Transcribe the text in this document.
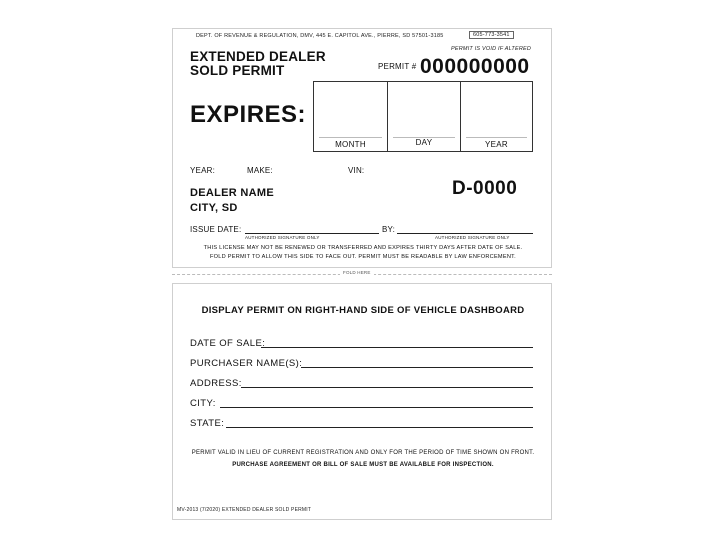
DEPT. OF REVENUE & REGULATION, DMV, 445 E. CAPITOL AVE., PIERRE, SD 57501-3185	605-773-3541
PERMIT IS VOID IF ALTERED
EXTENDED DEALER
SOLD PERMIT	PERMIT # 000000000
EXPIRES:
MONTH	DAY	YEAR
YEAR:	MAKE:	VIN:
DEALER NAME
CITY, SD
D-0000
ISSUE DATE:	BY:
AUTHORIZED SIGNATURE ONLY	AUTHORIZED SIGNATURE ONLY
THIS LICENSE MAY NOT BE RENEWED OR TRANSFERRED AND EXPIRES THIRTY DAYS AFTER DATE OF SALE.
FOLD PERMIT TO ALLOW THIS SIDE TO FACE OUT. PERMIT MUST BE READABLE BY LAW ENFORCEMENT.
FOLD HERE
DISPLAY PERMIT ON RIGHT-HAND SIDE OF VEHICLE DASHBOARD
DATE OF SALE:
PURCHASER NAME(S):
ADDRESS:
CITY:
STATE:
PERMIT VALID IN LIEU OF CURRENT REGISTRATION AND ONLY FOR THE PERIOD OF TIME SHOWN ON FRONT.
PURCHASE AGREEMENT OR BILL OF SALE MUST BE AVAILABLE FOR INSPECTION.
MV-2013 (7/2020) EXTENDED DEALER SOLD PERMIT
